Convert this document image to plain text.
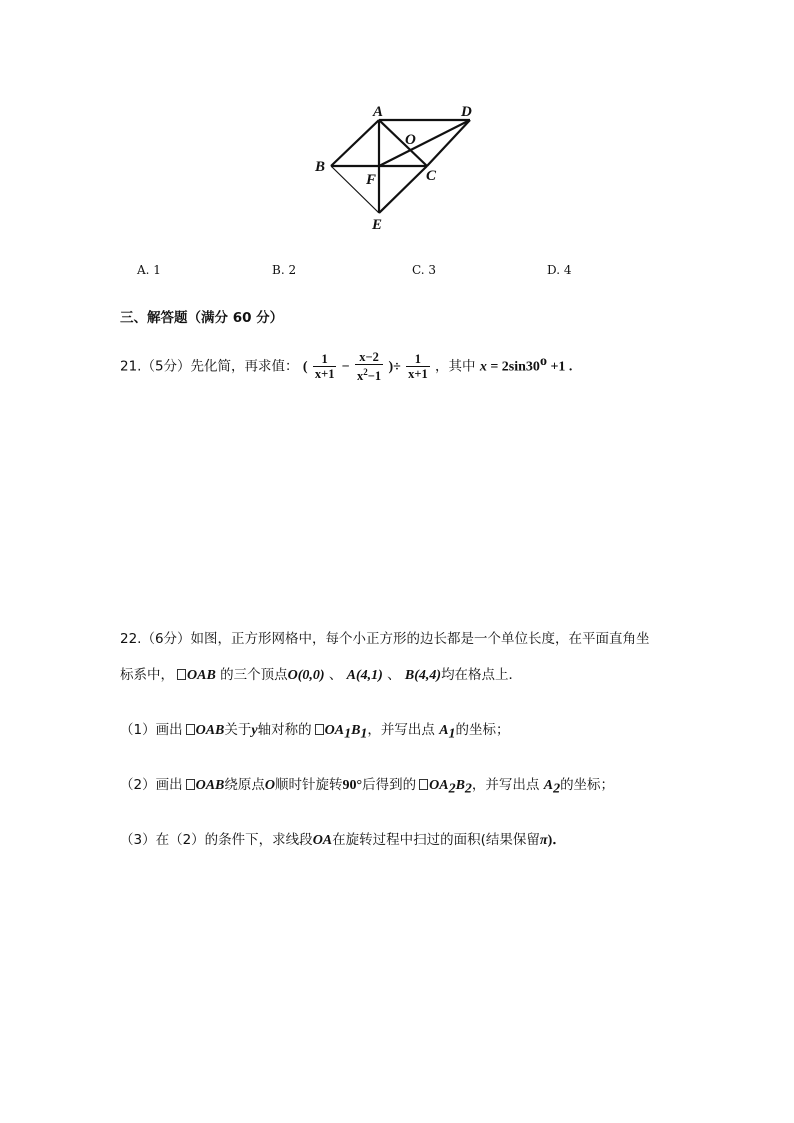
A	D
O
B
F	C
E
A. 1	B. 2	C. 3	D. 4
三、解答题（满分 60 分）
21.（5分）先化简，再求值： ( $\frac{1}{x+1} - \frac{x-2}{x^2-1}$ )÷ $\frac{1}{x+1}$ ，其中 $x = 2\sin 30^o +1$ .
22.（6分）如图，正方形网格中，每个小正方形的边长都是一个单位长度，在平面直角坐
标系中， OAB 的三个顶点O(0,0) 、 A(4,1) 、 B(4,4)均在格点上．
（1）画出 OAB关于y轴对称的 $OA_1B_1$，并写出点 $A_1$的坐标；
（2）画出 OAB绕原点O顺时针旋转90°后得到的 $OA_2B_2$，并写出点 $A_2$的坐标；
（3）在（2）的条件下，求线段OA在旋转过程中扫过的面积(结果保留π)．
